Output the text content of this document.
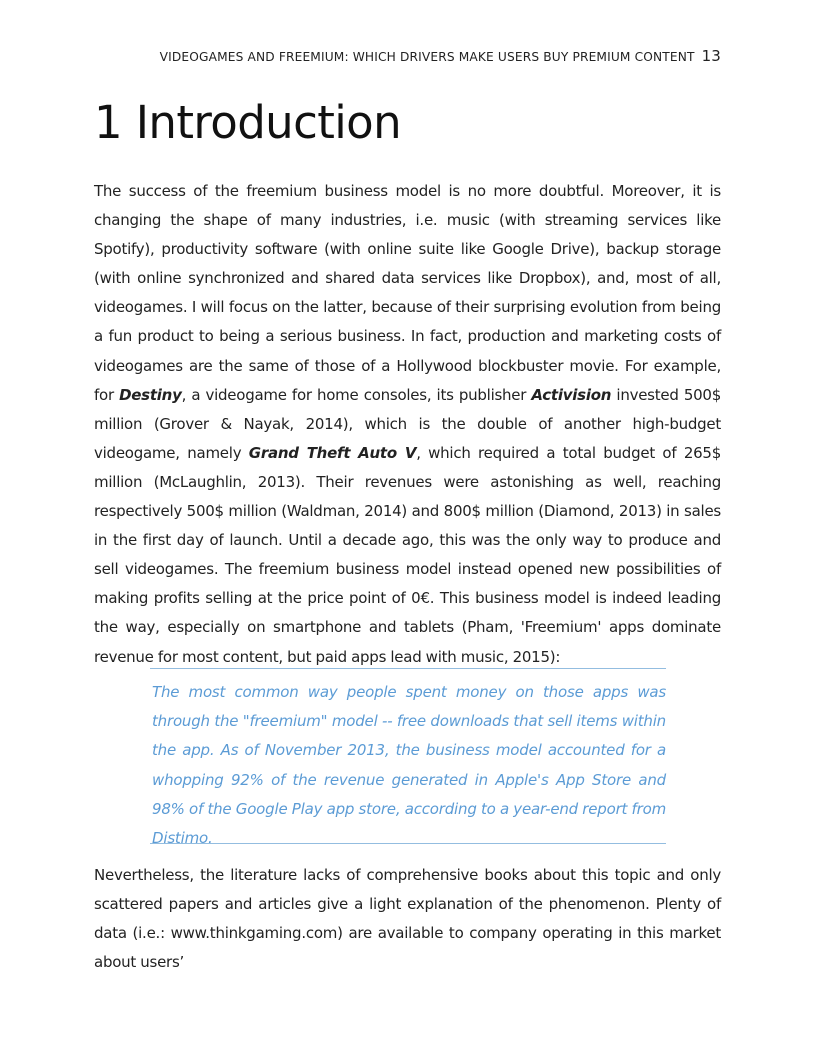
VIDEOGAMES AND FREEMIUM: WHICH DRIVERS MAKE USERS BUY PREMIUM CONTENT 13
1 Introduction

The success of the freemium business model is no more doubtful. Moreover, it is changing the shape of many industries, i.e. music (with streaming services like Spotify), productivity software (with online suite like Google Drive), backup storage (with online synchronized and shared data services like Dropbox), and, most of all, videogames. I will focus on the latter, because of their surprising evolution from being a fun product to being a serious business. In fact, production and marketing costs of videogames are the same of those of a Hollywood blockbuster movie. For example, for Destiny, a videogame for home consoles, its publisher Activision invested 500$ million (Grover & Nayak, 2014), which is the double of another high-budget videogame, namely Grand Theft Auto V, which required a total budget of 265$ million (McLaughlin, 2013). Their revenues were astonishing as well, reaching respectively 500$ million (Waldman, 2014) and 800$ million (Diamond, 2013) in sales in the first day of launch. Until a decade ago, this was the only way to produce and sell videogames. The freemium business model instead opened new possibilities of making profits selling at the price point of 0€. This business model is indeed leading the way, especially on smartphone and tablets (Pham, 'Freemium' apps dominate revenue for most content, but paid apps lead with music, 2015):

The most common way people spent money on those apps was through the "freemium" model -- free downloads that sell items within the app. As of November 2013, the business model accounted for a whopping 92% of the revenue generated in Apple's App Store and 98% of the Google Play app store, according to a year-end report from Distimo.

Nevertheless, the literature lacks of comprehensive books about this topic and only scattered papers and articles give a light explanation of the phenomenon. Plenty of data (i.e.: www.thinkgaming.com) are available to company operating in this market about users’
